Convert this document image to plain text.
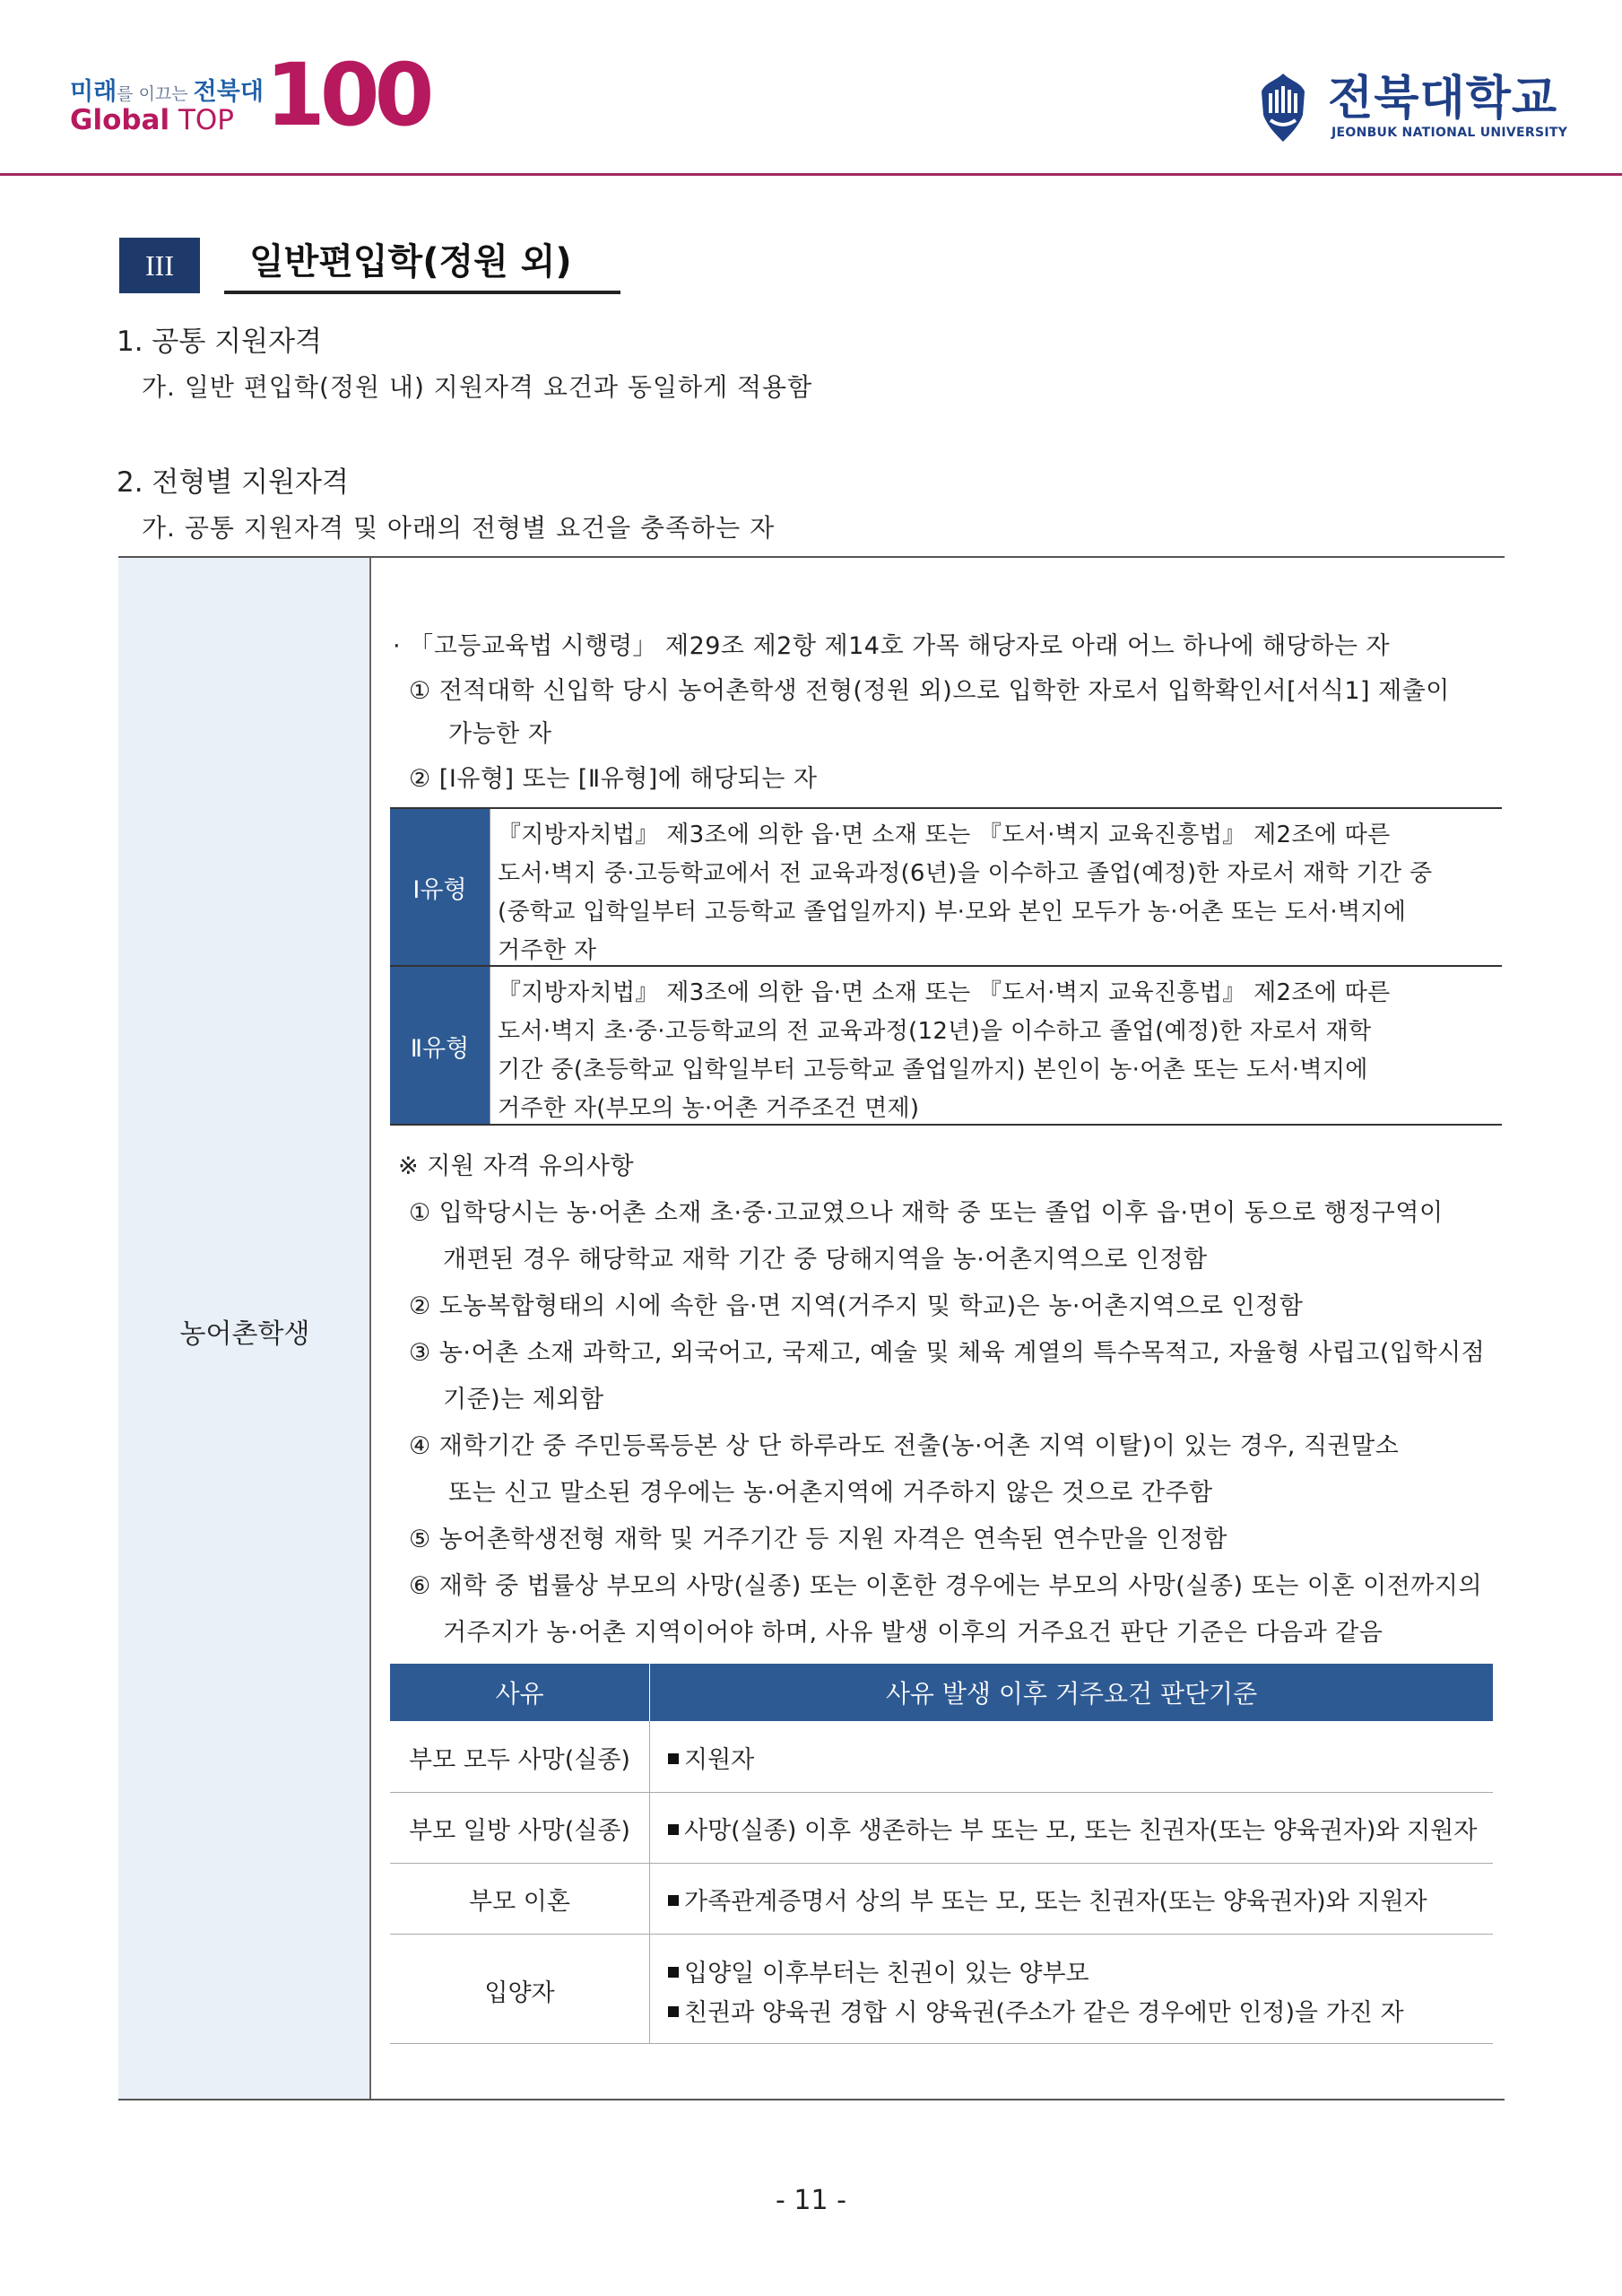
미래를 이끄는 전북대
Global TOP 100	전북대학교
JEONBUK NATIONAL UNIVERSITY
III	일반편입학(정원 외)
1. 공통 지원자격
가. 일반 편입학(정원 내) 지원자격 요건과 동일하게 적용함
2. 전형별 지원자격
가. 공통 지원자격 및 아래의 전형별 요건을 충족하는 자
농어촌학생
· 「고등교육법 시행령」 제29조 제2항 제14호 가목 해당자로 아래 어느 하나에 해당하는 자
① 전적대학 신입학 당시 농어촌학생 전형(정원 외)으로 입학한 자로서 입학확인서[서식1] 제출이
가능한 자
② [Ⅰ유형] 또는 [Ⅱ유형]에 해당되는 자
Ⅰ유형
『지방자치법』 제3조에 의한 읍·면 소재 또는 『도서·벽지 교육진흥법』 제2조에 따른
도서·벽지 중·고등학교에서 전 교육과정(6년)을 이수하고 졸업(예정)한 자로서 재학 기간 중
(중학교 입학일부터 고등학교 졸업일까지) 부·모와 본인 모두가 농·어촌 또는 도서·벽지에
거주한 자
Ⅱ유형
『지방자치법』 제3조에 의한 읍·면 소재 또는 『도서·벽지 교육진흥법』 제2조에 따른
도서·벽지 초·중·고등학교의 전 교육과정(12년)을 이수하고 졸업(예정)한 자로서 재학
기간 중(초등학교 입학일부터 고등학교 졸업일까지) 본인이 농·어촌 또는 도서·벽지에
거주한 자(부모의 농·어촌 거주조건 면제)
※ 지원 자격 유의사항
① 입학당시는 농·어촌 소재 초·중·고교였으나 재학 중 또는 졸업 이후 읍·면이 동으로 행정구역이
개편된 경우 해당학교 재학 기간 중 당해지역을 농·어촌지역으로 인정함
② 도농복합형태의 시에 속한 읍·면 지역(거주지 및 학교)은 농·어촌지역으로 인정함
③ 농·어촌 소재 과학고, 외국어고, 국제고, 예술 및 체육 계열의 특수목적고, 자율형 사립고(입학시점
기준)는 제외함
④ 재학기간 중 주민등록등본 상 단 하루라도 전출(농·어촌 지역 이탈)이 있는 경우, 직권말소
또는 신고 말소된 경우에는 농·어촌지역에 거주하지 않은 것으로 간주함
⑤ 농어촌학생전형 재학 및 거주기간 등 지원 자격은 연속된 연수만을 인정함
⑥ 재학 중 법률상 부모의 사망(실종) 또는 이혼한 경우에는 부모의 사망(실종) 또는 이혼 이전까지의
거주지가 농·어촌 지역이어야 하며, 사유 발생 이후의 거주요건 판단 기준은 다음과 같음
사유	사유 발생 이후 거주요건 판단기준
부모 모두 사망(실종)	지원자
부모 일방 사망(실종)	사망(실종) 이후 생존하는 부 또는 모, 또는 친권자(또는 양육권자)와 지원자
부모 이혼	가족관계증명서 상의 부 또는 모, 또는 친권자(또는 양육권자)와 지원자
입양자
입양일 이후부터는 친권이 있는 양부모
친권과 양육권 경합 시 양육권(주소가 같은 경우에만 인정)을 가진 자
- 11 -
